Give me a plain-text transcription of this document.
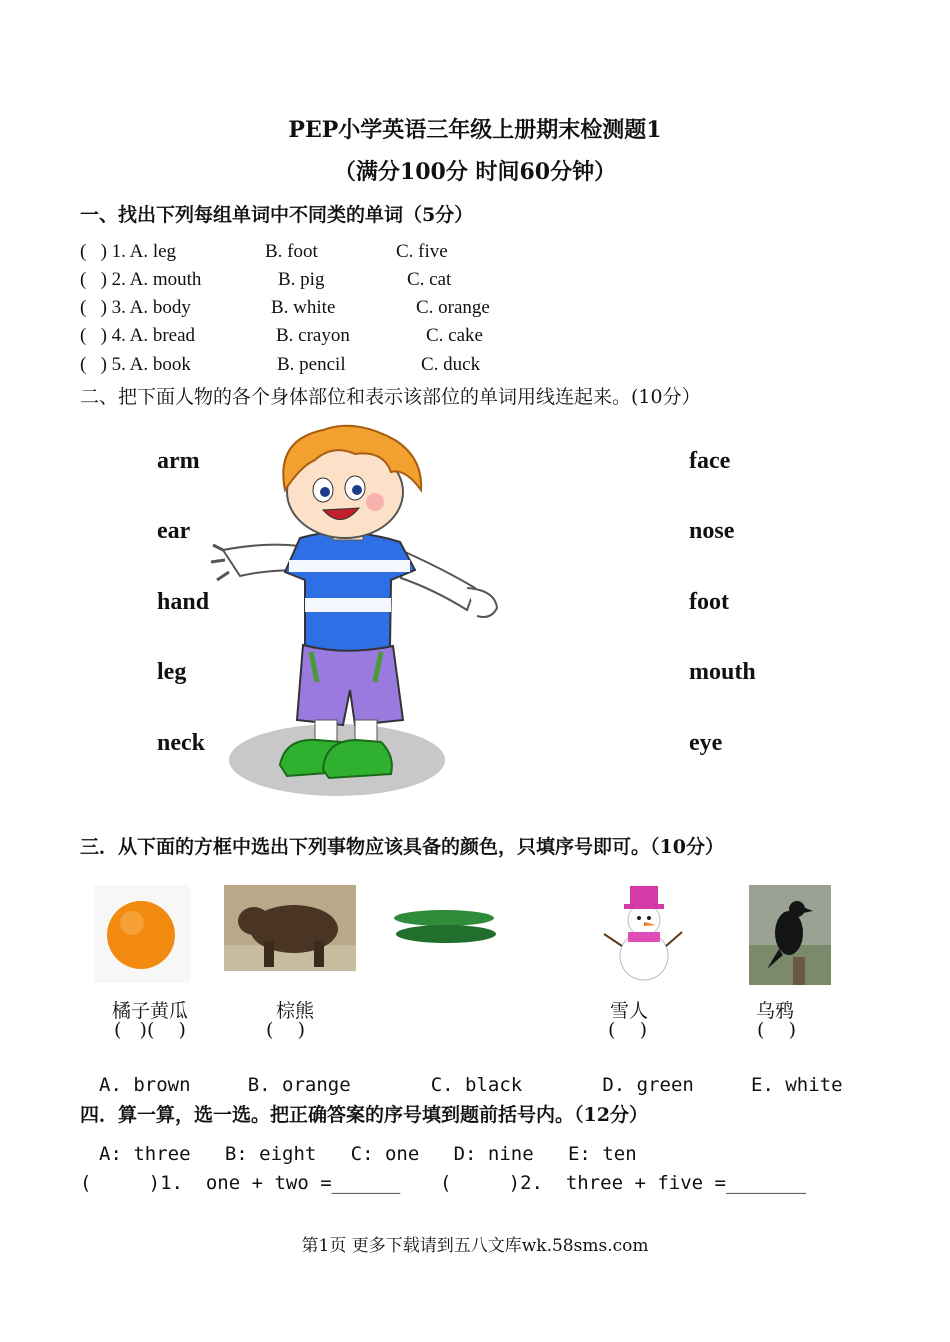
PEP小学英语三年级上册期末检测题1
（满分100分 时间60分钟）
一、找出下列每组单词中不同类的单词（5分）
(   ) 1. A. leg	B. foot	C. five
(   ) 2. A. mouth	B. pig	C. cat
(   ) 3. A. body	B. white	C. orange
(   ) 4. A. bread	B. crayon	C. cake
(   ) 5. A. book	B. pencil	C. duck
二、把下面人物的各个身体部位和表示该部位的单词用线连起来。(10分）
arm
ear
hand
leg
neck
face
nose
foot
mouth
eye
三．从下面的方框中选出下列事物应该具备的颜色，只填序号即可。（10分）
橘子黄瓜	棕熊	雪人	乌鸦
(   )(    )	(    )	(    )	(    )
A. brown     B. orange       C. black       D. green     E. white
四．算一算，选一选。把正确答案的序号填到题前括号内。（12分）
A: three   B: eight   C: one   D: nine   E: ten
(     )1.  one + two =______ (     )2.  three + five =_______
第1页 更多下载请到五八文库wk.58sms.com
